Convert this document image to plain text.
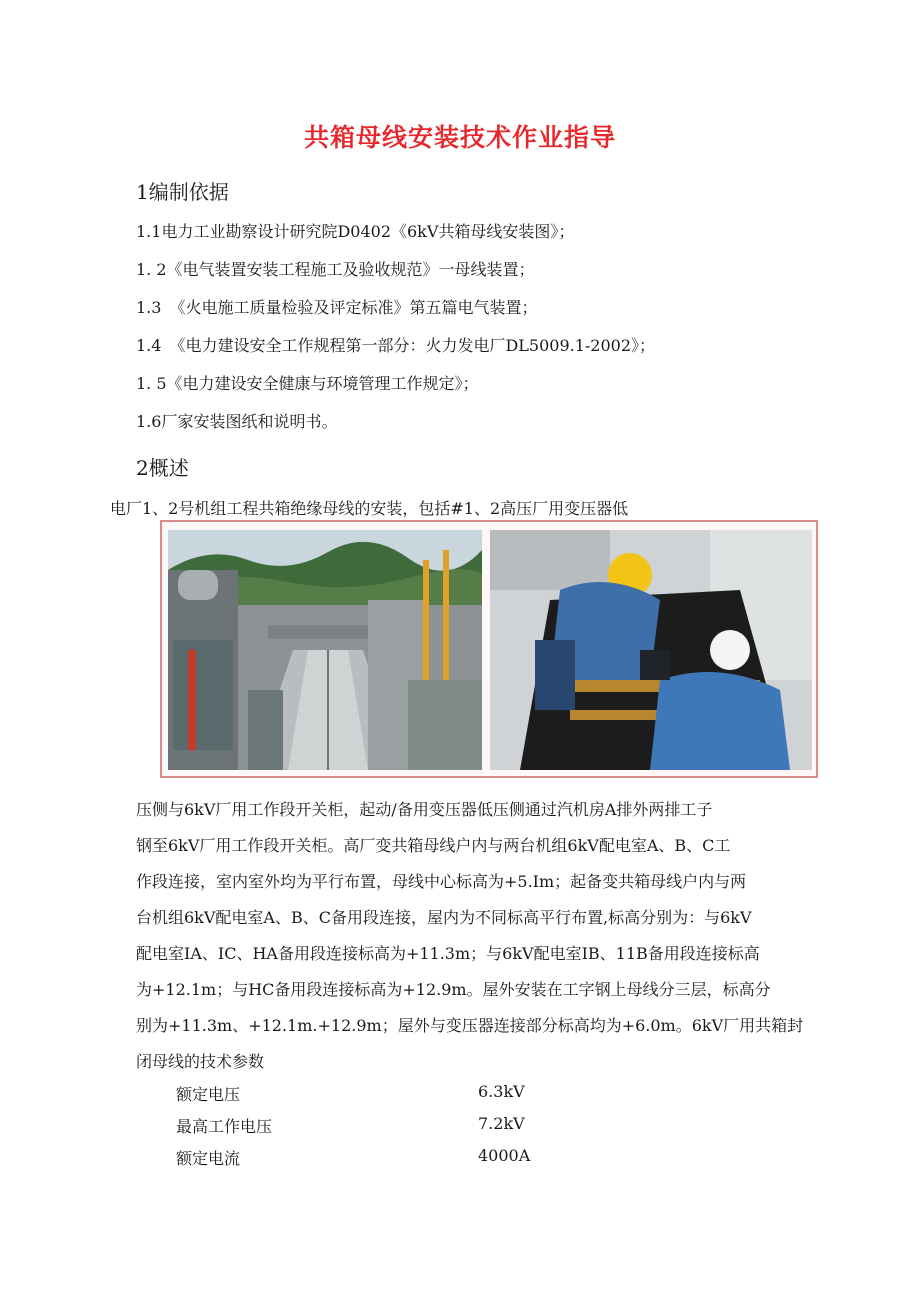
共箱母线安装技术作业指导
1编制依据
1.1电力工业勘察设计研究院D0402《6kV共箱母线安装图》；
1. 2《电气装置安装工程施工及验收规范》一母线装置；
1.3　《火电施工质量检验及评定标准》第五篇电气装置；
1.4　《电力建设安全工作规程第一部分：火力发电厂DL5009.1-2002》；
1. 5《电力建设安全健康与环境管理工作规定》；
1.6厂家安装图纸和说明书。
2概述
电厂1、2号机组工程共箱绝缘母线的安装，包括#1、2高压厂用变压器低
压侧与6kV厂用工作段开关柜，起动/备用变压器低压侧通过汽机房A排外两排工子
钢至6kV厂用工作段开关柜。高厂变共箱母线户内与两台机组6kV配电室A、B、C工
作段连接，室内室外均为平行布置，母线中心标高为+5.Im；起备变共箱母线户内与两
台机组6kV配电室A、B、C备用段连接，屋内为不同标高平行布置,标高分别为：与6kV
配电室IA、IC、HA备用段连接标高为+11.3m；与6kV配电室IB、11B备用段连接标高
为+12.1m；与HC备用段连接标高为+12.9m。屋外安装在工字钢上母线分三层，标高分
别为+11.3m、+12.1m.+12.9m；屋外与变压器连接部分标高均为+6.0m。6kV厂用共箱封
闭母线的技术参数
额定电压	6.3kV
最高工作电压	7.2kV
额定电流	4000A
